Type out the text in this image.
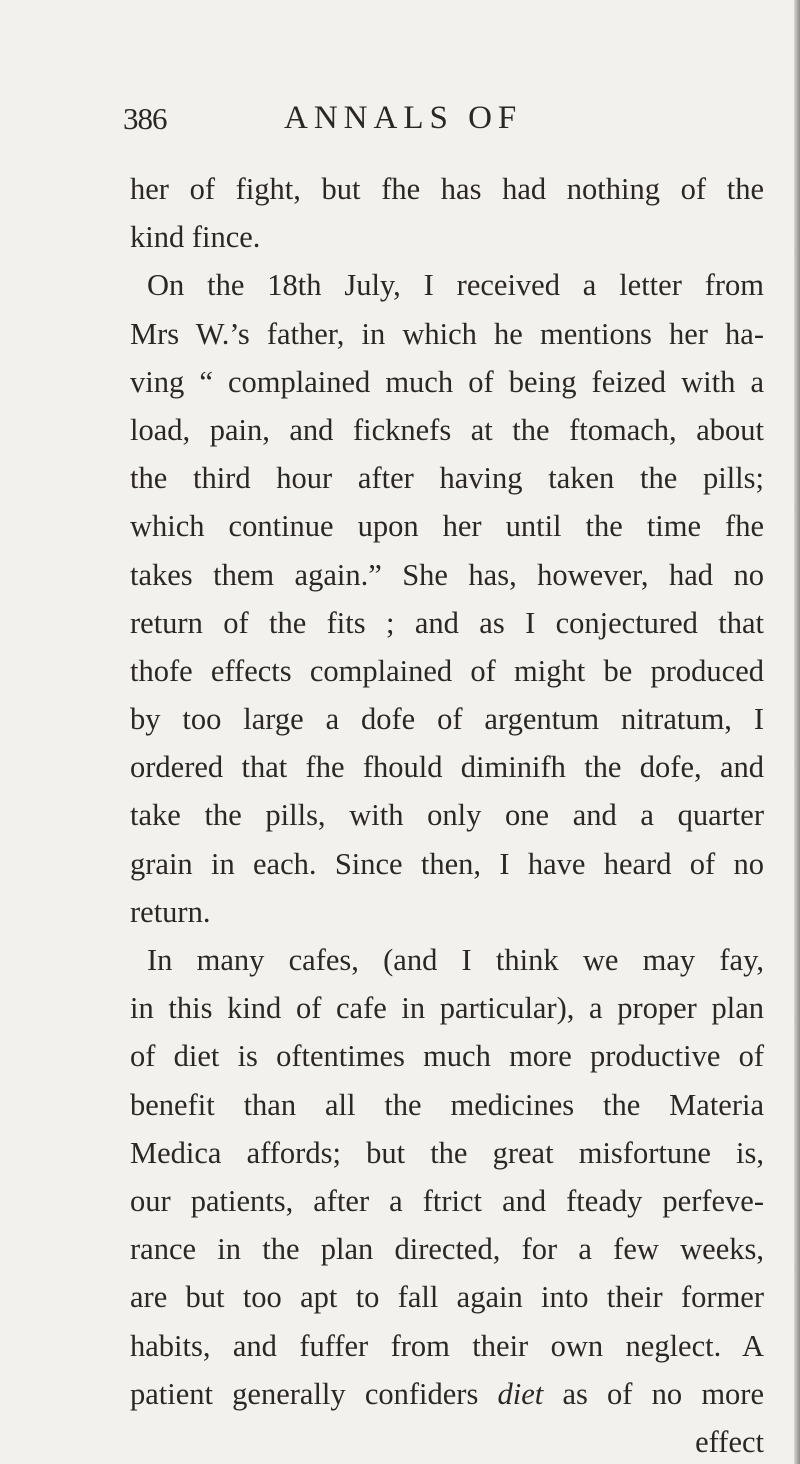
386	ANNALS OF
her of fight, but fhe has had nothing of the
kind fince.
On the 18th July, I received a letter from
Mrs W.’s father, in which he mentions her ha-
ving “ complained much of being feized with a
load, pain, and ficknefs at the ftomach, about
the third hour after having taken the pills;
which continue upon her until the time fhe
takes them again.” She has, however, had no
return of the fits ; and as I conjectured that
thofe effects complained of might be produced
by too large a dofe of argentum nitratum, I
ordered that fhe fhould diminifh the dofe, and
take the pills, with only one and a quarter
grain in each. Since then, I have heard of no
return.
In many cafes, (and I think we may fay,
in this kind of cafe in particular), a proper plan
of diet is oftentimes much more productive of
benefit than all the medicines the Materia
Medica affords; but the great misfortune is,
our patients, after a ftrict and fteady perfeve-
rance in the plan directed, for a few weeks,
are but too apt to fall again into their former
habits, and fuffer from their own neglect. A
patient generally confiders diet as of no more
effect
